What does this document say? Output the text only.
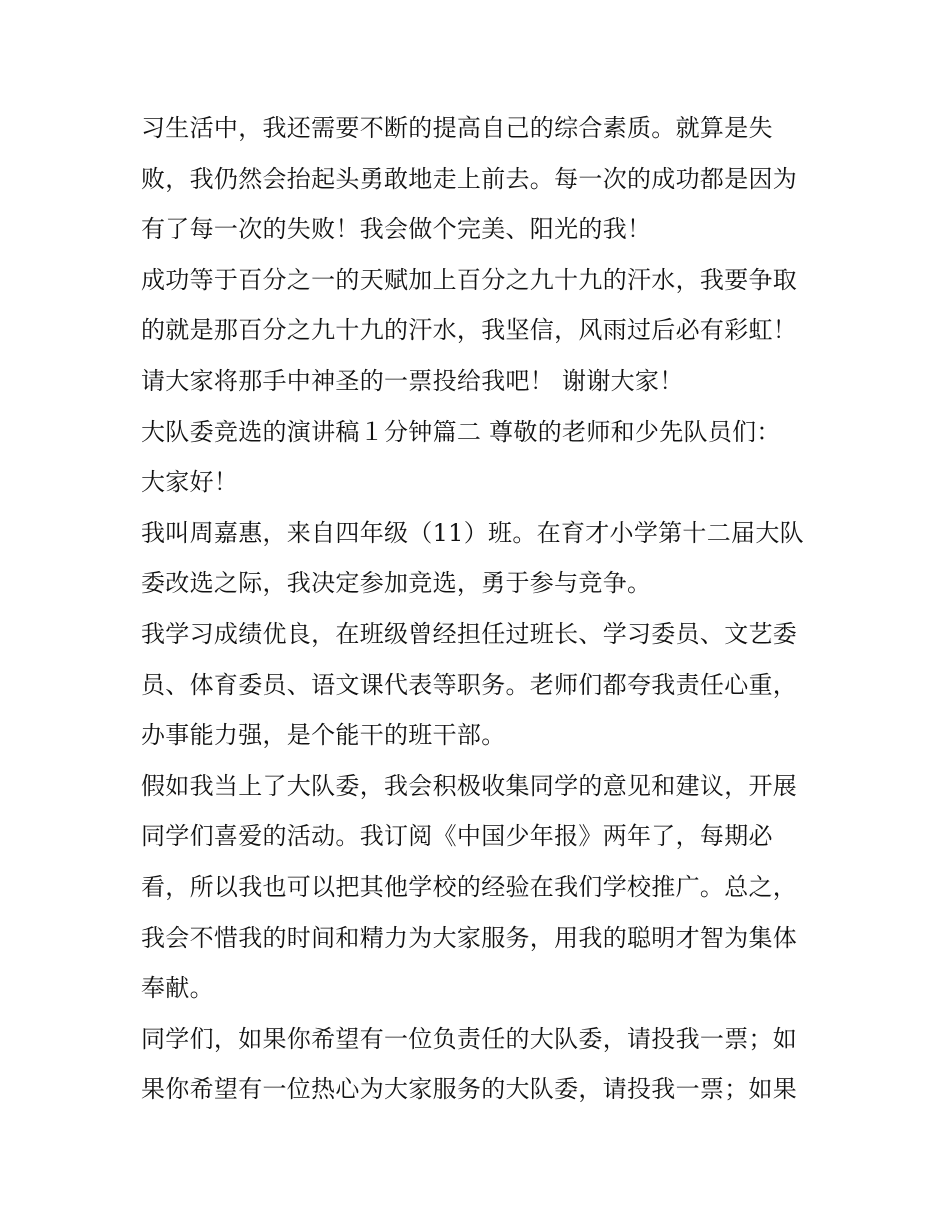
习生活中，我还需要不断的提高自己的综合素质。就算是失
败，我仍然会抬起头勇敢地走上前去。每一次的成功都是因为
有了每一次的失败！我会做个完美、阳光的我！
成功等于百分之一的天赋加上百分之九十九的汗水，我要争取
的就是那百分之九十九的汗水，我坚信，风雨过后必有彩虹！
请大家将那手中神圣的一票投给我吧！ 谢谢大家！
大队委竞选的演讲稿１分钟篇二 尊敬的老师和少先队员们：
大家好！
我叫周嘉惠，来自四年级（11）班。在育才小学第十二届大队
委改选之际，我决定参加竞选，勇于参与竞争。
我学习成绩优良，在班级曾经担任过班长、学习委员、文艺委
员、体育委员、语文课代表等职务。老师们都夸我责任心重，
办事能力强，是个能干的班干部。
假如我当上了大队委，我会积极收集同学的意见和建议，开展
同学们喜爱的活动。我订阅《中国少年报》两年了，每期必
看，所以我也可以把其他学校的经验在我们学校推广。总之，
我会不惜我的时间和精力为大家服务，用我的聪明才智为集体
奉献。
同学们，如果你希望有一位负责任的大队委，请投我一票；如
果你希望有一位热心为大家服务的大队委，请投我一票；如果
